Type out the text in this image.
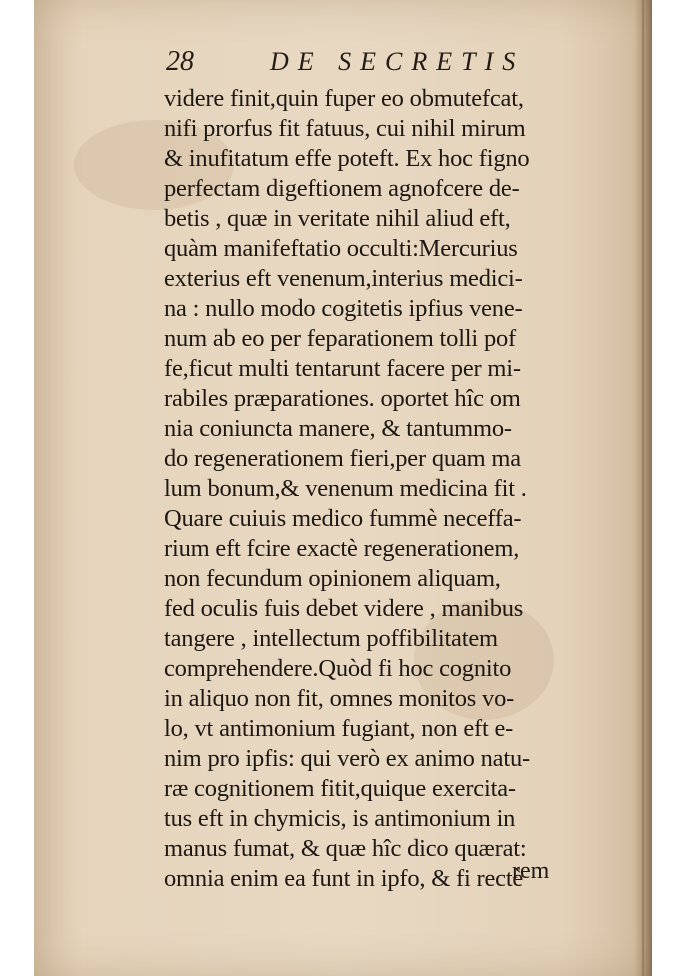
28	DE SECRETIS
videre finit,quin fuper eo obmutefcat,
nifi prorfus fit fatuus, cui nihil mirum
& inufitatum effe poteft. Ex hoc figno
perfectam digeftionem agnofcere de-
betis , quæ in veritate nihil aliud eft,
quàm manifeftatio occulti:Mercurius
exterius eft venenum,interius medici-
na : nullo modo cogitetis ipfius vene-
num ab eo per feparationem tolli pof
fe,ficut multi tentarunt facere per mi-
rabiles præparationes. oportet hîc om
nia coniuncta manere, & tantummo-
do regenerationem fieri,per quam ma
lum bonum,& venenum medicina fit .
Quare cuiuis medico fummè neceffa-
rium eft fcire exactè regenerationem,
non fecundum opinionem aliquam,
fed oculis fuis debet videre , manibus
tangere , intellectum poffibilitatem
comprehendere.Quòd fi hoc cognito
in aliquo non fit, omnes monitos vo-
lo, vt antimonium fugiant, non eft e-
nim pro ipfis: qui verò ex animo natu-
ræ cognitionem fitit,quique exercita-
tus eft in chymicis, is antimonium in
manus fumat, & quæ hîc dico quærat:
omnia enim ea funt in ipfo, & fi rectè
rem
